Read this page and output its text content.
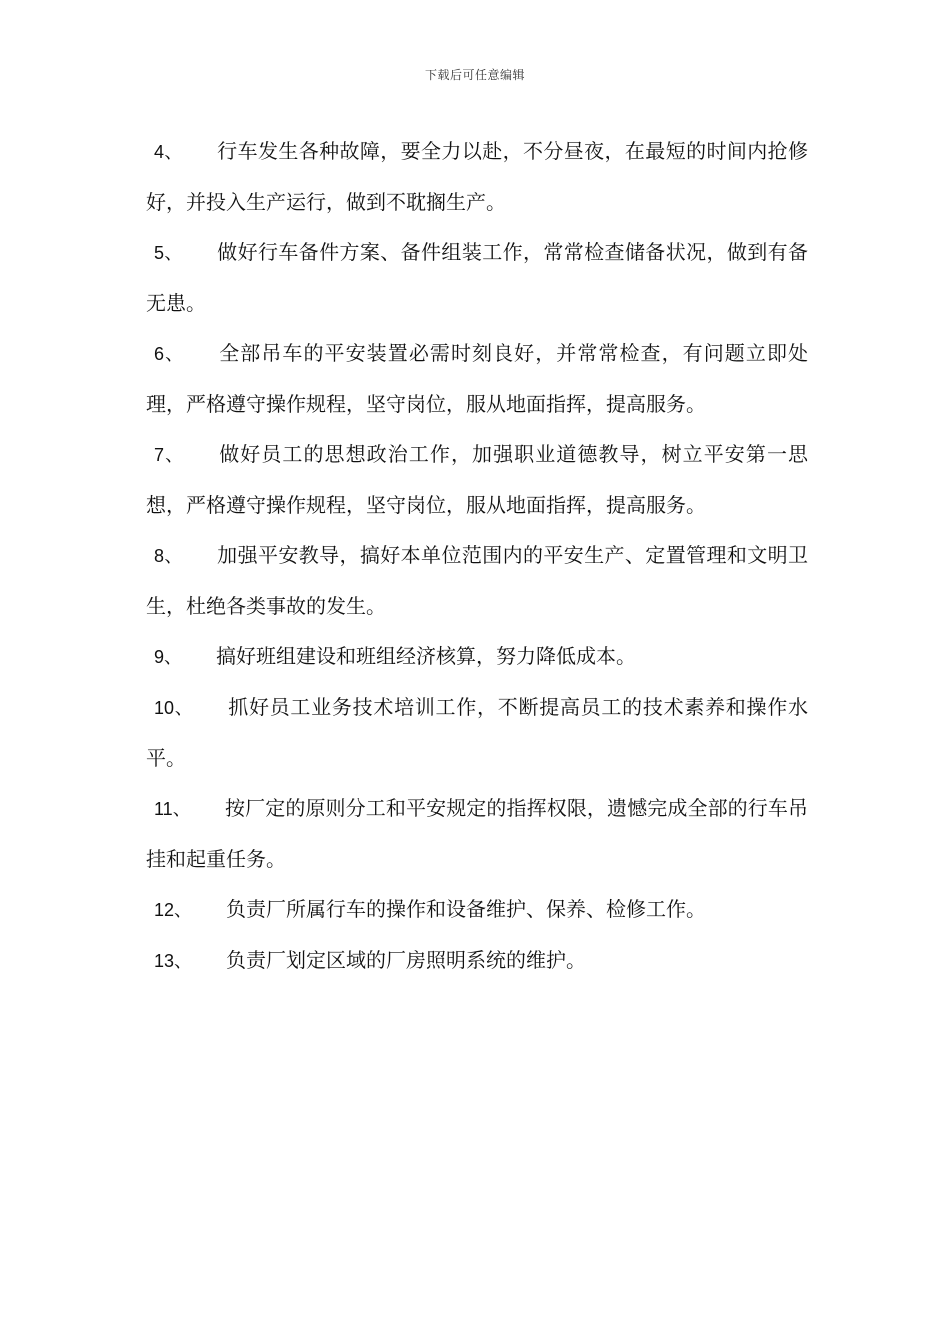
下载后可任意编辑

4、 行车发生各种故障，要全力以赴，不分昼夜，在最短的时间内抢修好，并投入生产运行，做到不耽搁生产。

5、 做好行车备件方案、备件组装工作，常常检查储备状况，做到有备无患。

6、 全部吊车的平安装置必需时刻良好，并常常检查，有问题立即处理，严格遵守操作规程，坚守岗位，服从地面指挥，提高服务。

7、 做好员工的思想政治工作，加强职业道德教导，树立平安第一思想，严格遵守操作规程，坚守岗位，服从地面指挥，提高服务。

8、 加强平安教导，搞好本单位范围内的平安生产、定置管理和文明卫生，杜绝各类事故的发生。

9、 搞好班组建设和班组经济核算，努力降低成本。

10、 抓好员工业务技术培训工作，不断提高员工的技术素养和操作水平。

11、 按厂定的原则分工和平安规定的指挥权限，遗憾完成全部的行车吊挂和起重任务。

12、 负责厂所属行车的操作和设备维护、保养、检修工作。

13、 负责厂划定区域的厂房照明系统的维护。
